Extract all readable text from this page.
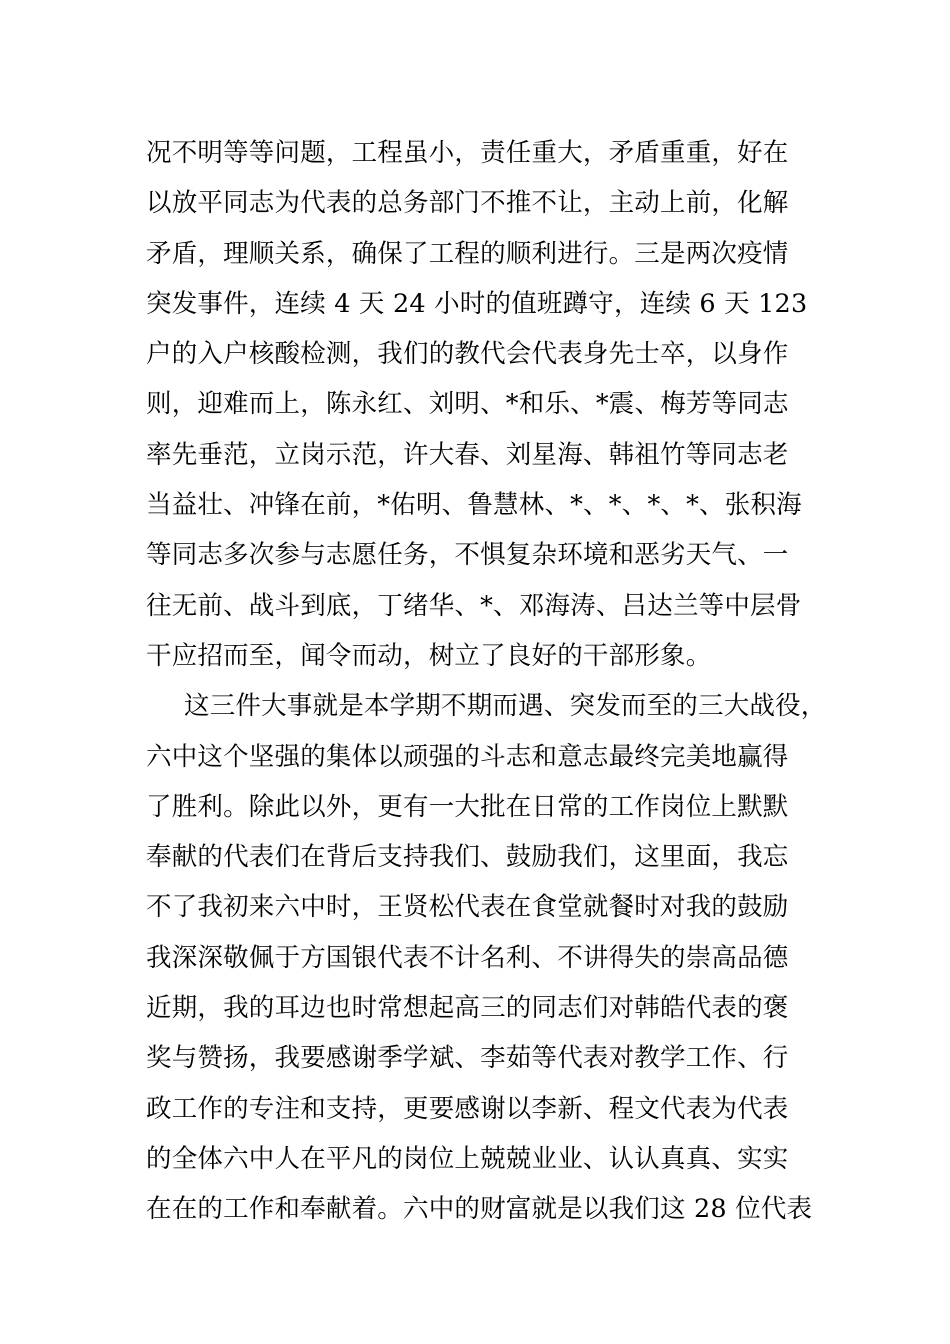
况不明等等问题，工程虽小，责任重大，矛盾重重，好在
以放平同志为代表的总务部门不推不让，主动上前，化解
矛盾，理顺关系，确保了工程的顺利进行。三是两次疫情
突发事件，连续 4 天 24 小时的值班蹲守，连续 6 天 123
户的入户核酸检测，我们的教代会代表身先士卒，以身作
则，迎难而上，陈永红、刘明、*和乐、*震、梅芳等同志
率先垂范，立岗示范，许大春、刘星海、韩祖竹等同志老
当益壮、冲锋在前，*佑明、鲁慧林、*、*、*、*、张积海
等同志多次参与志愿任务，不惧复杂环境和恶劣天气、一
往无前、战斗到底，丁绪华、*、邓海涛、吕达兰等中层骨
干应招而至，闻令而动，树立了良好的干部形象。
这三件大事就是本学期不期而遇、突发而至的三大战役，
六中这个坚强的集体以顽强的斗志和意志最终完美地赢得
了胜利。除此以外，更有一大批在日常的工作岗位上默默
奉献的代表们在背后支持我们、鼓励我们，这里面，我忘
不了我初来六中时，王贤松代表在食堂就餐时对我的鼓励
我深深敬佩于方国银代表不计名利、不讲得失的崇高品德
近期，我的耳边也时常想起高三的同志们对韩皓代表的褒
奖与赞扬，我要感谢季学斌、李茹等代表对教学工作、行
政工作的专注和支持，更要感谢以李新、程文代表为代表
的全体六中人在平凡的岗位上兢兢业业、认认真真、实实
在在的工作和奉献着。六中的财富就是以我们这 28 位代表
